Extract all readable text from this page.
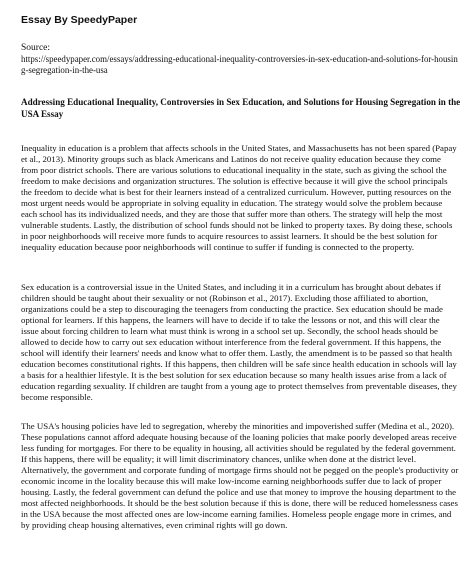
Essay By SpeedyPaper
Source:
https://speedypaper.com/essays/addressing-educational-inequality-controversies-in-sex-education-and-solutions-for-housing-segregation-in-the-usa
Addressing Educational Inequality, Controversies in Sex Education, and Solutions for Housing Segregation in the USA Essay
Inequality in education is a problem that affects schools in the United States, and Massachusetts has not been spared (Papay et al., 2013). Minority groups such as black Americans and Latinos do not receive quality education because they come from poor district schools. There are various solutions to educational inequality in the state, such as giving the school the freedom to make decisions and organization structures. The solution is effective because it will give the school principals the freedom to decide what is best for their learners instead of a centralized curriculum. However, putting resources on the most urgent needs would be appropriate in solving equality in education. The strategy would solve the problem because each school has its individualized needs, and they are those that suffer more than others. The strategy will help the most vulnerable students. Lastly, the distribution of school funds should not be linked to property taxes. By doing these, schools in poor neighborhoods will receive more funds to acquire resources to assist learners. It should be the best solution for inequality education because poor neighborhoods will continue to suffer if funding is connected to the property.
Sex education is a controversial issue in the United States, and including it in a curriculum has brought about debates if children should be taught about their sexuality or not (Robinson et al., 2017). Excluding those affiliated to abortion, organizations could be a step to discouraging the teenagers from conducting the practice. Sex education should be made optional for learners. If this happens, the learners will have to decide if to take the lessons or not, and this will clear the issue about forcing children to learn what must think is wrong in a school set up. Secondly, the school heads should be allowed to decide how to carry out sex education without interference from the federal government. If this happens, the school will identify their learners' needs and know what to offer them. Lastly, the amendment is to be passed so that health education becomes constitutional rights. If this happens, then children will be safe since health education in schools will lay a basis for a healthier lifestyle. It is the best solution for sex education because so many health issues arise from a lack of education regarding sexuality. If children are taught from a young age to protect themselves from preventable diseases, they become responsible.
The USA's housing policies have led to segregation, whereby the minorities and impoverished suffer (Medina et al., 2020). These populations cannot afford adequate housing because of the loaning policies that make poorly developed areas receive less funding for mortgages. For there to be equality in housing, all activities should be regulated by the federal government. If this happens, there will be equality; it will limit discriminatory chances, unlike when done at the district level. Alternatively, the government and corporate funding of mortgage firms should not be pegged on the people's productivity or economic income in the locality because this will make low-income earning neighborhoods suffer due to lack of proper housing. Lastly, the federal government can defund the police and use that money to improve the housing department to the most affected neighborhoods. It should be the best solution because if this is done, there will be reduced homelessness cases in the USA because the most affected ones are low-income earning families. Homeless people engage more in crimes, and by providing cheap housing alternatives, even criminal rights will go down.
